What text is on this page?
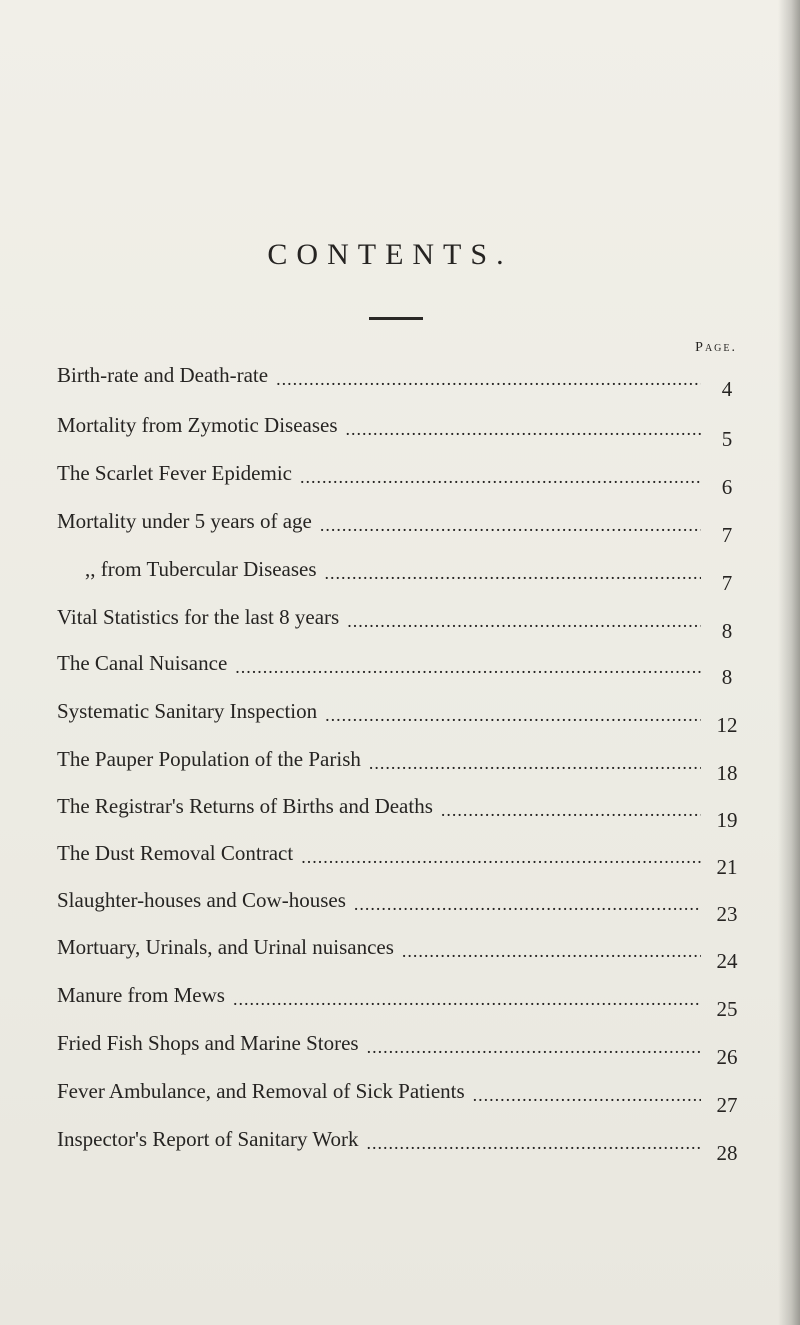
CONTENTS.
Page.
Birth-rate and Death-rate
.....
4
Mortality from Zymotic Diseases
.....
5
The Scarlet Fever Epidemic
.....
6
Mortality under 5 years of age
.....
7
,, from Tubercular Diseases
.....
7
Vital Statistics for the last 8 years
.....
8
The Canal Nuisance
.....
8
Systematic Sanitary Inspection
.....
12
The Pauper Population of the Parish
.....
18
The Registrar's Returns of Births and Deaths
.....
19
The Dust Removal Contract
.....
21
Slaughter-houses and Cow-houses
.....
23
Mortuary, Urinals, and Urinal nuisances
.....
24
Manure from Mews
.....
25
Fried Fish Shops and Marine Stores
.....
26
Fever Ambulance, and Removal of Sick Patients
.....
27
Inspector's Report of Sanitary Work
.....
28
